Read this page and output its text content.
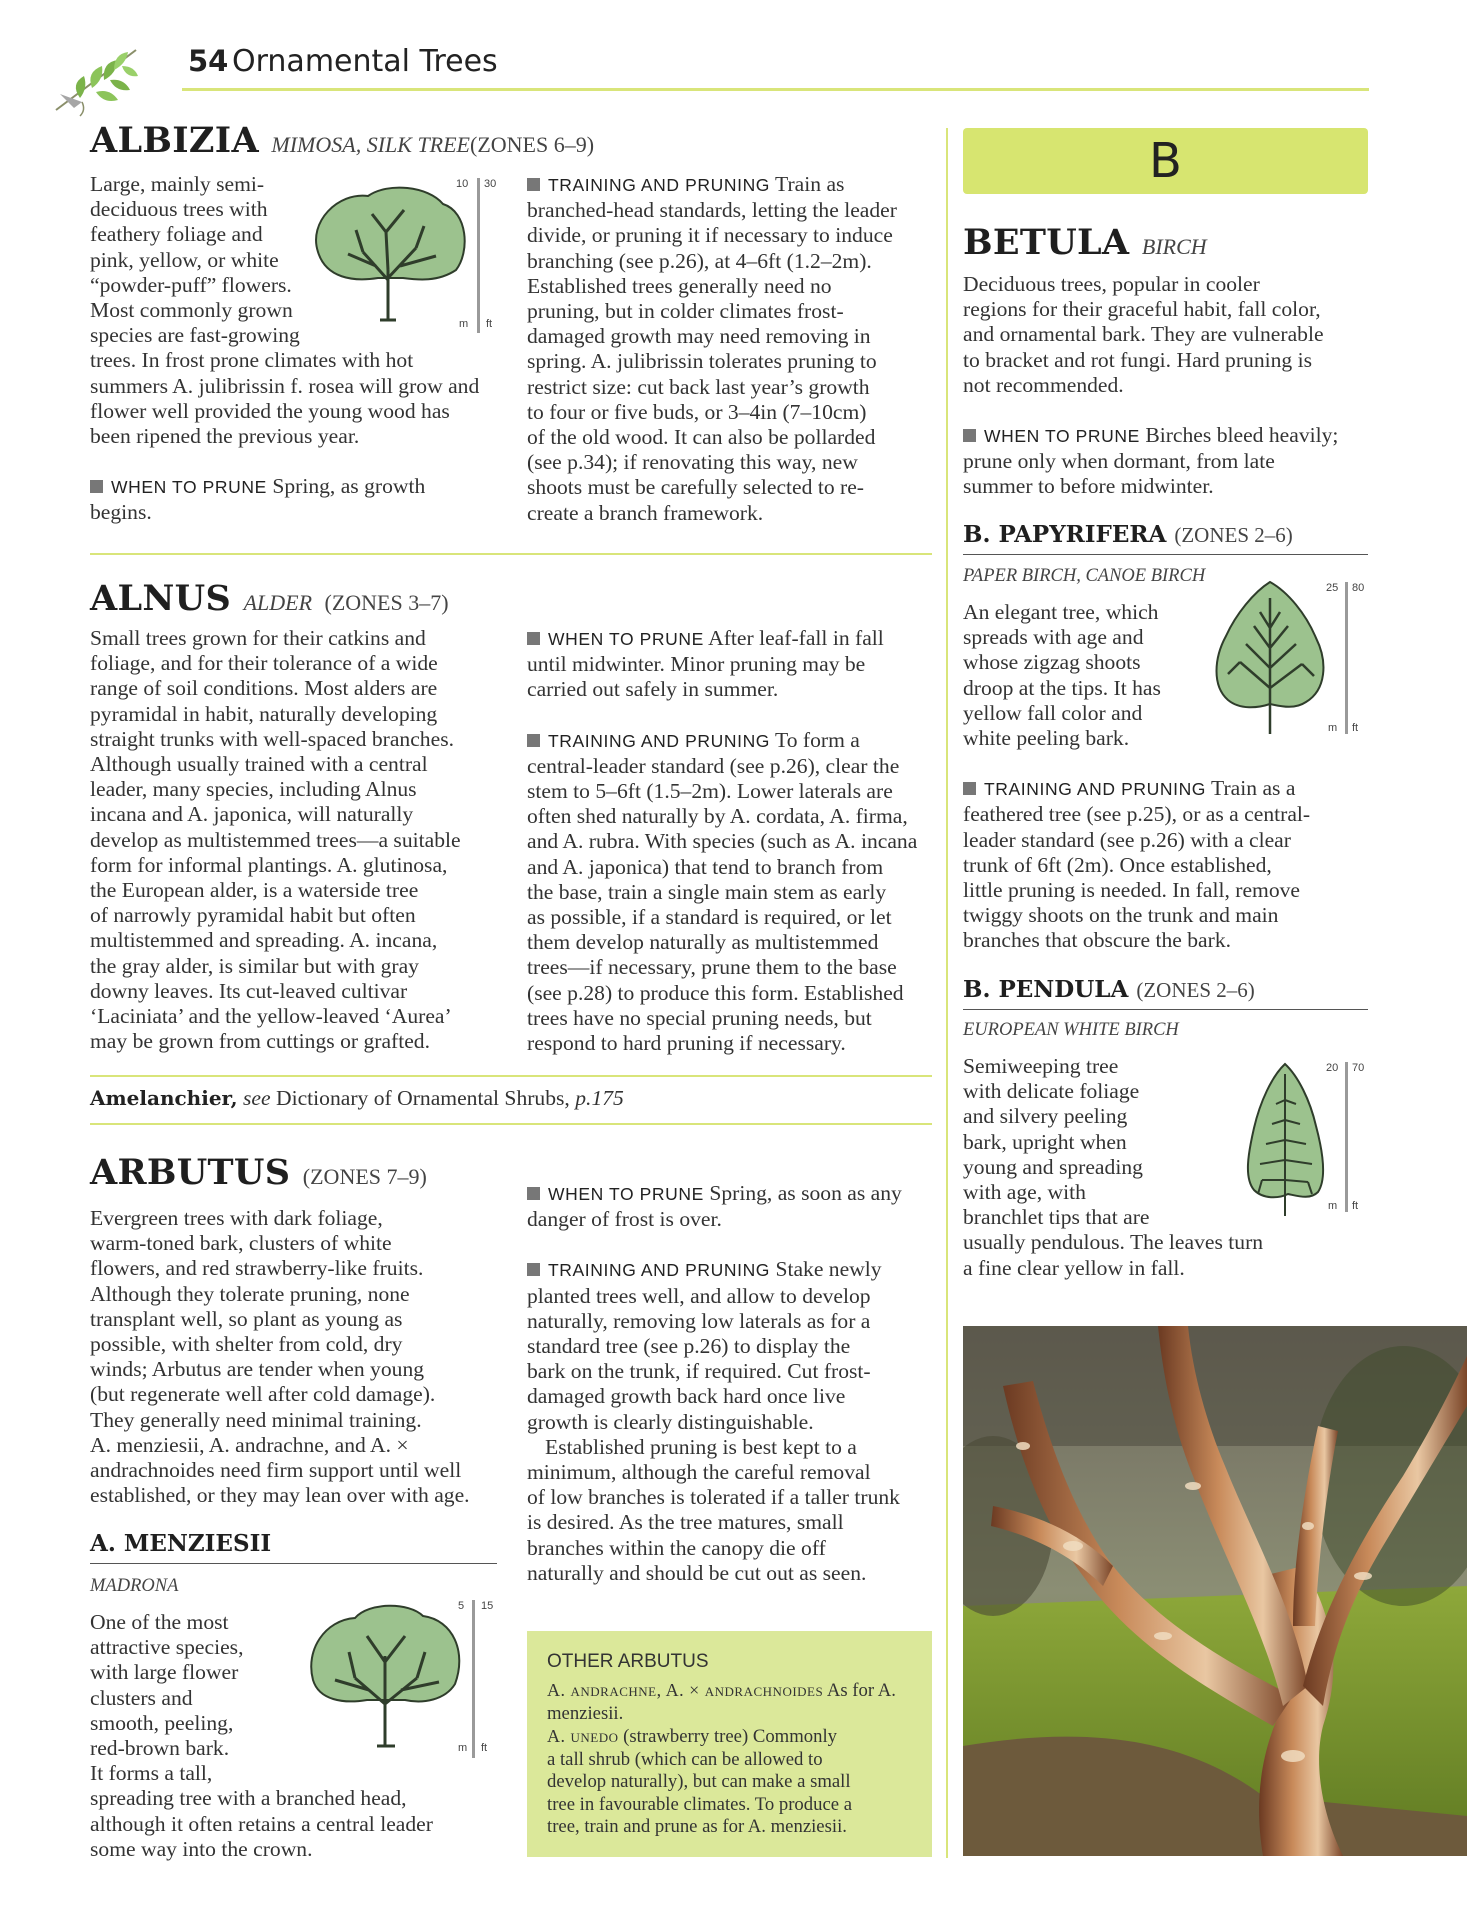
54 Ornamental Trees
ALBIZIA MIMOSA, SILK TREE(ZONES 6–9)
Large, mainly semi-
deciduous trees with
feathery foliage and
pink, yellow, or white
“powder-puff” flowers.
Most commonly grown
species are fast-growing
trees. In frost prone climates with hot
summers A. julibrissin f. rosea will grow and
flower well provided the young wood has
been ripened the previous year.
WHEN TO PRUNE Spring, as growth
begins.
10 30
m ft
TRAINING AND PRUNING Train as
branched-head standards, letting the leader
divide, or pruning it if necessary to induce
branching (see p.26), at 4–6ft (1.2–2m).
Established trees generally need no
pruning, but in colder climates frost-
damaged growth may need removing in
spring. A. julibrissin tolerates pruning to
restrict size: cut back last year’s growth
to four or five buds, or 3–4in (7–10cm)
of the old wood. It can also be pollarded
(see p.34); if renovating this way, new
shoots must be carefully selected to re-
create a branch framework.
ALNUS ALDER (ZONES 3–7)
Small trees grown for their catkins and
foliage, and for their tolerance of a wide
range of soil conditions. Most alders are
pyramidal in habit, naturally developing
straight trunks with well-spaced branches.
Although usually trained with a central
leader, many species, including Alnus
incana and A. japonica, will naturally
develop as multistemmed trees—a suitable
form for informal plantings. A. glutinosa,
the European alder, is a waterside tree
of narrowly pyramidal habit but often
multistemmed and spreading. A. incana,
the gray alder, is similar but with gray
downy leaves. Its cut-leaved cultivar
‘Laciniata’ and the yellow-leaved ‘Aurea’
may be grown from cuttings or grafted.
WHEN TO PRUNE After leaf-fall in fall
until midwinter. Minor pruning may be
carried out safely in summer.
TRAINING AND PRUNING To form a
central-leader standard (see p.26), clear the
stem to 5–6ft (1.5–2m). Lower laterals are
often shed naturally by A. cordata, A. firma,
and A. rubra. With species (such as A. incana
and A. japonica) that tend to branch from
the base, train a single main stem as early
as possible, if a standard is required, or let
them develop naturally as multistemmed
trees—if necessary, prune them to the base
(see p.28) to produce this form. Established
trees have no special pruning needs, but
respond to hard pruning if necessary.
Amelanchier, see Dictionary of Ornamental Shrubs, p.175
ARBUTUS (ZONES 7–9)
Evergreen trees with dark foliage,
warm-toned bark, clusters of white
flowers, and red strawberry-like fruits.
Although they tolerate pruning, none
transplant well, so plant as young as
possible, with shelter from cold, dry
winds; Arbutus are tender when young
(but regenerate well after cold damage).
They generally need minimal training.
A. menziesii, A. andrachne, and A. ×
andrachnoides need firm support until well
established, or they may lean over with age.
WHEN TO PRUNE Spring, as soon as any
danger of frost is over.
TRAINING AND PRUNING Stake newly
planted trees well, and allow to develop
naturally, removing low laterals as for a
standard tree (see p.26) to display the
bark on the trunk, if required. Cut frost-
damaged growth back hard once live
growth is clearly distinguishable.
Established pruning is best kept to a
minimum, although the careful removal
of low branches is tolerated if a taller trunk
is desired. As the tree matures, small
branches within the canopy die off
naturally and should be cut out as seen.
A. MENZIESII
MADRONA
One of the most
attractive species,
with large flower
clusters and
smooth, peeling,
red-brown bark.
It forms a tall,
spreading tree with a branched head,
although it often retains a central leader
some way into the crown.
5 15
m ft
OTHER ARBUTUS
A. andrachne, A. × andrachnoides As for A. menziesii.
A. unedo (strawberry tree) Commonly
a tall shrub (which can be allowed to
develop naturally), but can make a small
tree in favourable climates. To produce a
tree, train and prune as for A. menziesii.
B
BETULA BIRCH
Deciduous trees, popular in cooler
regions for their graceful habit, fall color,
and ornamental bark. They are vulnerable
to bracket and rot fungi. Hard pruning is
not recommended.
WHEN TO PRUNE Birches bleed heavily;
prune only when dormant, from late
summer to before midwinter.
B. PAPYRIFERA (ZONES 2–6)
PAPER BIRCH, CANOE BIRCH
An elegant tree, which
spreads with age and
whose zigzag shoots
droop at the tips. It has
yellow fall color and
white peeling bark.
TRAINING AND PRUNING Train as a
feathered tree (see p.25), or as a central-
leader standard (see p.26) with a clear
trunk of 6ft (2m). Once established,
little pruning is needed. In fall, remove
twiggy shoots on the trunk and main
branches that obscure the bark.
25 80
m ft
B. PENDULA (ZONES 2–6)
EUROPEAN WHITE BIRCH
Semiweeping tree
with delicate foliage
and silvery peeling
bark, upright when
young and spreading
with age, with
branchlet tips that are
usually pendulous. The leaves turn
a fine clear yellow in fall.
20 70
m ft
